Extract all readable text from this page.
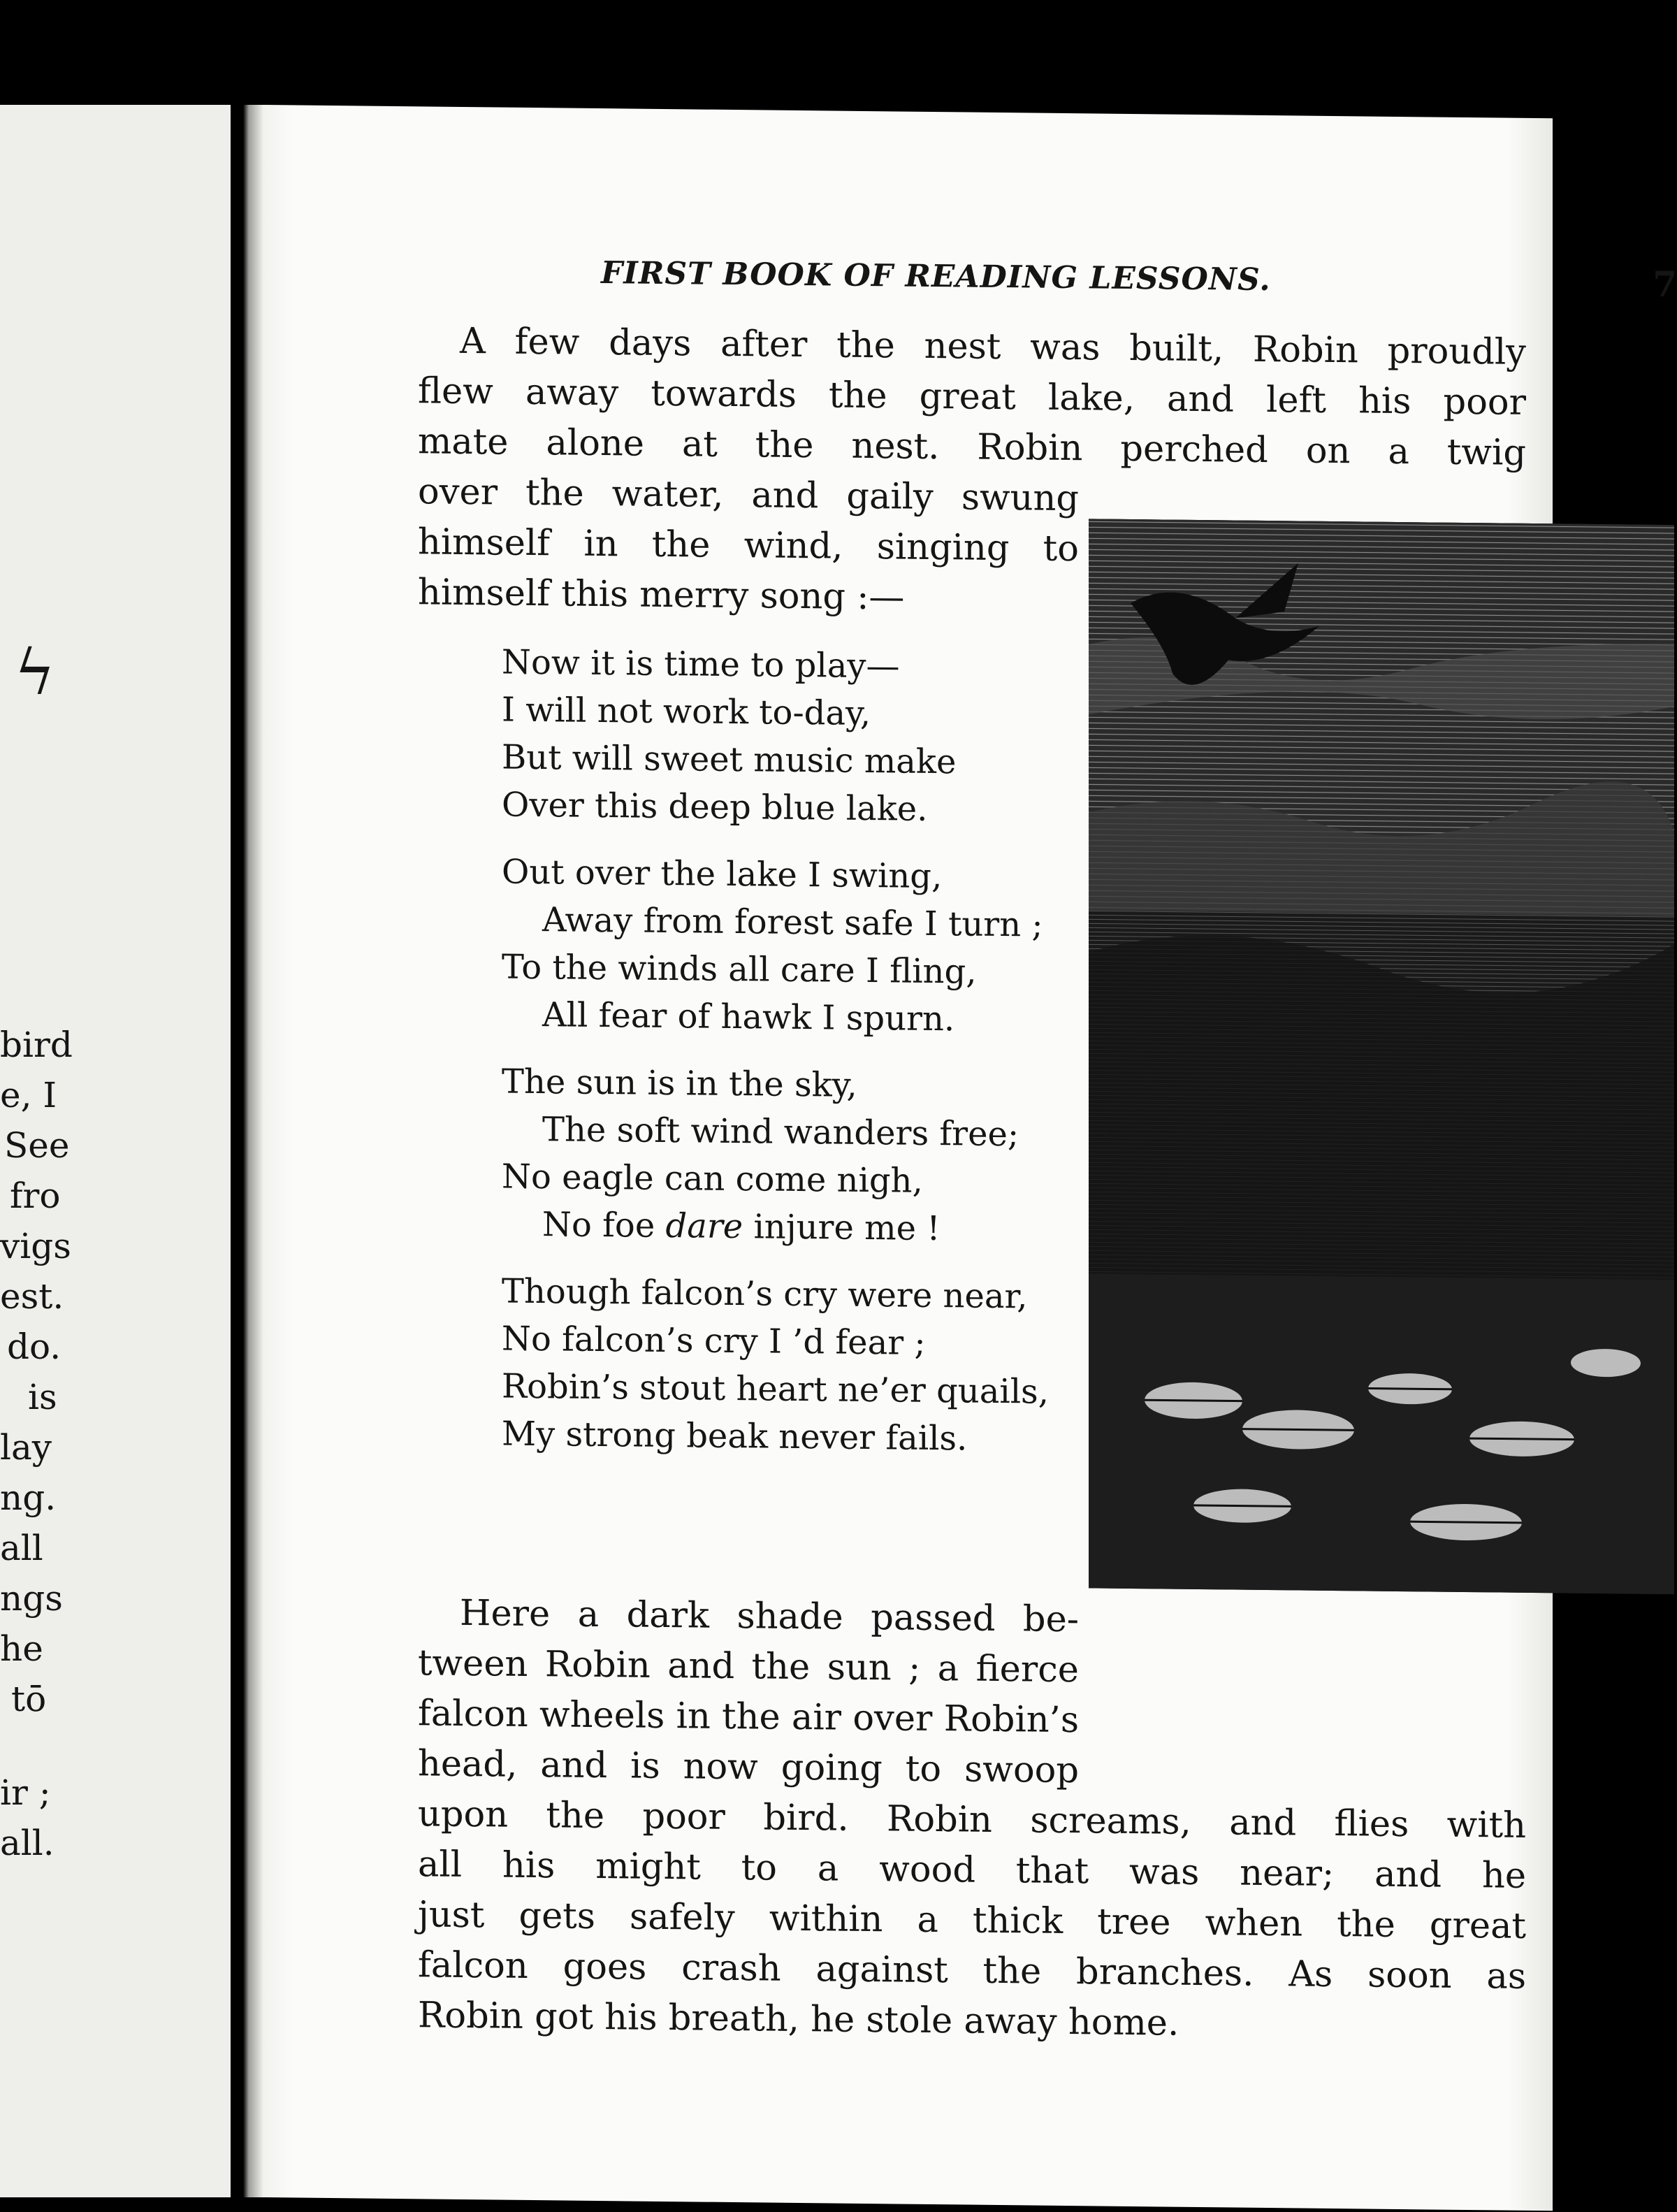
ϟ
bird
e, I
See
fro
vigs
est.
do.
is
lay
ng.
all
ngs
he
tō
ir ;
all.
FIRST BOOK OF READING LESSONS.	7

A few days after the nest was built, Robin proudly

flew away towards the great lake, and left his poor

mate alone at the nest. Robin perched on a twig

over the water, and gaily swung

himself in the wind, singing to

himself this merry song :—

Now it is time to play—
I will not work to-day,
But will sweet music make
Over this deep blue lake.
Out over the lake I swing,
Away from forest safe I turn ;
To the winds all care I fling,
All fear of hawk I spurn.
The sun is in the sky,
The soft wind wanders free;
No eagle can come nigh,
No foe dare injure me !
Though falcon’s cry were near,
No falcon’s cry I ’d fear ;
Robin’s stout heart ne’er quails,
My strong beak never fails.

Here a dark shade passed be-

tween Robin and the sun ; a fierce

falcon wheels in the air over Robin’s

head, and is now going to swoop

upon the poor bird. Robin screams, and flies with

all his might to a wood that was near; and he

just gets safely within a thick tree when the great

falcon goes crash against the branches. As soon as

Robin got his breath, he stole away home.
